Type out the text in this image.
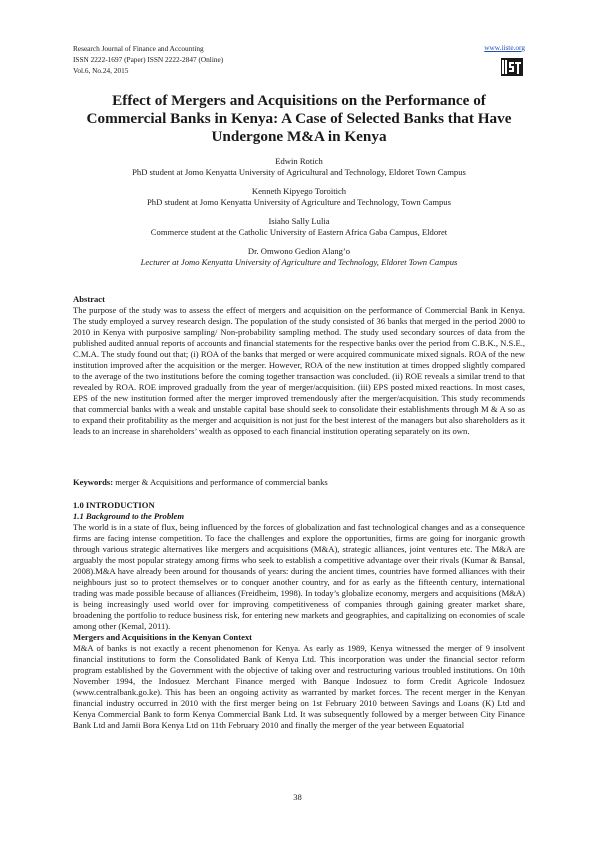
Research Journal of Finance and Accounting
ISSN 2222-1697 (Paper) ISSN 2222-2847 (Online)
Vol.6, No.24, 2015
www.iiste.org
Effect of Mergers and Acquisitions on the Performance of Commercial Banks in Kenya: A Case of Selected Banks that Have Undergone M&A in Kenya
Edwin Rotich
PhD student at Jomo Kenyatta University of Agricultural and Technology, Eldoret Town Campus
Kenneth Kipyego Toroitich
PhD student at Jomo Kenyatta University of Agriculture and Technology, Town Campus
Isiaho Sally Lulia
Commerce student at the Catholic University of Eastern Africa Gaba Campus, Eldoret
Dr. Omwono Gedion Alang’o
Lecturer at Jomo Kenyatta University of Agriculture and Technology, Eldoret Town Campus
Abstract
The purpose of the study was to assess the effect of mergers and acquisition on the performance of Commercial Bank in Kenya. The study employed a survey research design. The population of the study consisted of 36 banks that merged in the period 2000 to 2010 in Kenya with purposive sampling/ Non-probability sampling method. The study used secondary sources of data from the published audited annual reports of accounts and financial statements for the respective banks over the period from C.B.K., N.S.E., C.M.A. The study found out that; (i) ROA of the banks that merged or were acquired communicate mixed signals. ROA of the new institution improved after the acquisition or the merger. However, ROA of the new institution at times dropped slightly compared to the average of the two institutions before the coming together transaction was concluded. (ii) ROE reveals a similar trend to that revealed by ROA. ROE improved gradually from the year of merger/acquisition. (iii) EPS posted mixed reactions. In most cases, EPS of the new institution formed after the merger improved tremendously after the merger/acquisition. This study recommends that commercial banks with a weak and unstable capital base should seek to consolidate their establishments through M & A so as to expand their profitability as the merger and acquisition is not just for the best interest of the managers but also shareholders as it leads to an increase in shareholders’ wealth as opposed to each financial institution operating separately on its own.
Keywords: merger & Acquisitions and performance of commercial banks

1.0 INTRODUCTION

1.1 Background to the Problem

The world is in a state of flux, being influenced by the forces of globalization and fast technological changes and as a consequence firms are facing intense competition. To face the challenges and explore the opportunities, firms are going for inorganic growth through various strategic alternatives like mergers and acquisitions (M&A), strategic alliances, joint ventures etc. The M&A are arguably the most popular strategy among firms who seek to establish a competitive advantage over their rivals (Kumar & Bansal, 2008).M&A have already been around for thousands of years: during the ancient times, countries have formed alliances with their neighbours just so to protect themselves or to conquer another country, and for as early as the fifteenth century, international trading was made possible because of alliances (Freidheim, 1998). In today’s globalize economy, mergers and acquisitions (M&A) is being increasingly used world over for improving competitiveness of companies through gaining greater market share, broadening the portfolio to reduce business risk, for entering new markets and geographies, and capitalizing on economies of scale among other (Kemal, 2011).

Mergers and Acquisitions in the Kenyan Context

M&A of banks is not exactly a recent phenomenon for Kenya. As early as 1989, Kenya witnessed the merger of 9 insolvent financial institutions to form the Consolidated Bank of Kenya Ltd. This incorporation was under the financial sector reform program established by the Government with the objective of taking over and restructuring various troubled institutions. On 10th November 1994, the Indosuez Merchant Finance merged with Banque Indosuez to form Credit Agricole Indosuez (www.centralbank.go.ke). This has been an ongoing activity as warranted by market forces. The recent merger in the Kenyan financial industry occurred in 2010 with the first merger being on 1st February 2010 between Savings and Loans (K) Ltd and Kenya Commercial Bank to form Kenya Commercial Bank Ltd. It was subsequently followed by a merger between City Finance Bank Ltd and Jamii Bora Kenya Ltd on 11th February 2010 and finally the merger of the year between Equatorial

38
